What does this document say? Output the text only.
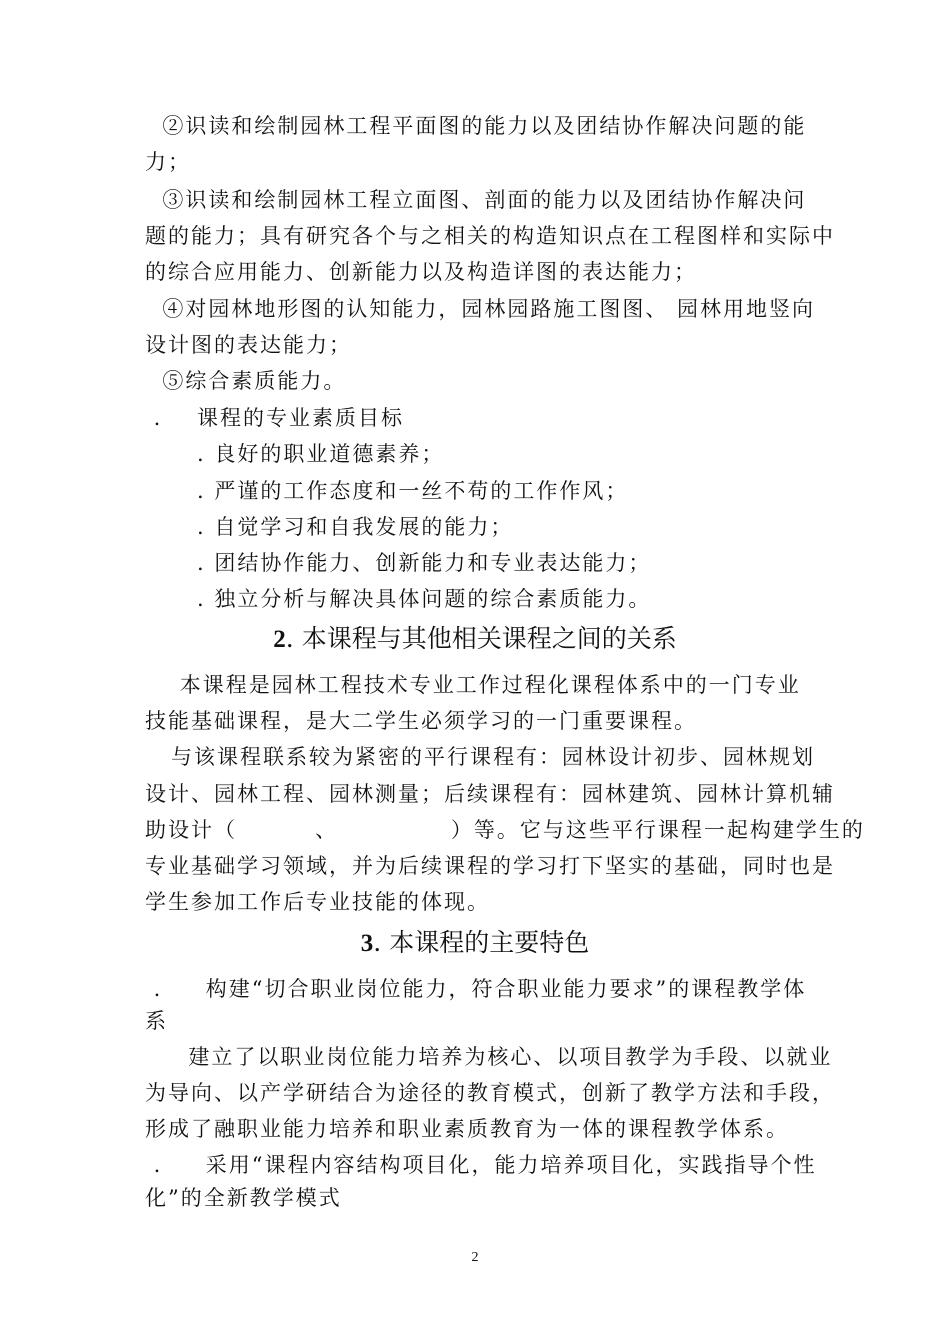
②识读和绘制园林工程平面图的能力以及团结协作解决问题的能
力；
③识读和绘制园林工程立面图、剖面的能力以及团结协作解决问
题的能力；具有研究各个与之相关的构造知识点在工程图样和实际中
的综合应用能力、创新能力以及构造详图的表达能力；
④对园林地形图的认知能力，园林园路施工图图、 园林用地竖向
设计图的表达能力；
⑤综合素质能力。
.    课程的专业素质目标
. 良好的职业道德素养；
. 严谨的工作态度和一丝不苟的工作作风；
. 自觉学习和自我发展的能力；
. 团结协作能力、创新能力和专业表达能力；
. 独立分析与解决具体问题的综合素质能力。
2. 本课程与其他相关课程之间的关系
本课程是园林工程技术专业工作过程化课程体系中的一门专业
技能基础课程，是大二学生必须学习的一门重要课程。
与该课程联系较为紧密的平行课程有：园林设计初步、园林规划
设计、园林工程、园林测量；后续课程有：园林建筑、园林计算机辅
助设计（         、             ）等。它与这些平行课程一起构建学生的
专业基础学习领域，并为后续课程的学习打下坚实的基础，同时也是
学生参加工作后专业技能的体现。
3. 本课程的主要特色
.     构建“切合职业岗位能力，符合职业能力要求”的课程教学体
系
建立了以职业岗位能力培养为核心、以项目教学为手段、以就业
为导向、以产学研结合为途径的教育模式，创新了教学方法和手段，
形成了融职业能力培养和职业素质教育为一体的课程教学体系。
.     采用“课程内容结构项目化，能力培养项目化，实践指导个性
化”的全新教学模式
2
